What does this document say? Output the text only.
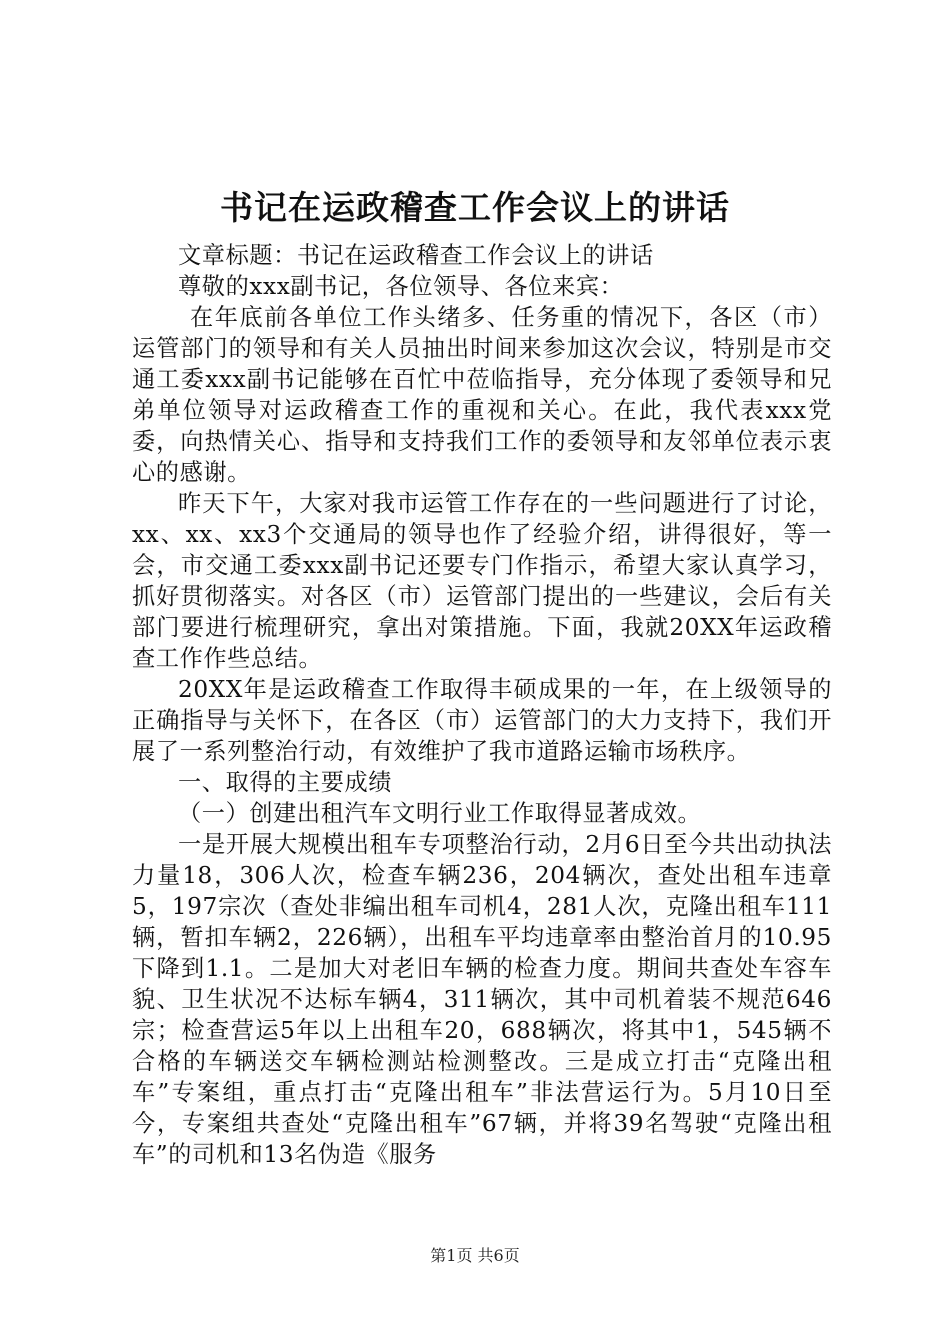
书记在运政稽查工作会议上的讲话

文章标题：书记在运政稽查工作会议上的讲话

尊敬的xxx副书记，各位领导、各位来宾：

在年底前各单位工作头绪多、任务重的情况下，各区（市）运管部门的领导和有关人员抽出时间来参加这次会议，特别是市交通工委xxx副书记能够在百忙中莅临指导，充分体现了委领导和兄弟单位领导对运政稽查工作的重视和关心。在此，我代表xxx党委，向热情关心、指导和支持我们工作的委领导和友邻单位表示衷心的感谢。

昨天下午，大家对我市运管工作存在的一些问题进行了讨论，xx、xx、xx3个交通局的领导也作了经验介绍，讲得很好，等一会，市交通工委xxx副书记还要专门作指示，希望大家认真学习，抓好贯彻落实。对各区（市）运管部门提出的一些建议，会后有关部门要进行梳理研究，拿出对策措施。下面，我就20XX年运政稽查工作作些总结。

20XX年是运政稽查工作取得丰硕成果的一年，在上级领导的正确指导与关怀下，在各区（市）运管部门的大力支持下，我们开展了一系列整治行动，有效维护了我市道路运输市场秩序。

一、取得的主要成绩

（一）创建出租汽车文明行业工作取得显著成效。

一是开展大规模出租车专项整治行动，2月6日至今共出动执法力量18，306人次，检查车辆236，204辆次，查处出租车违章5，197宗次（查处非编出租车司机4，281人次，克隆出租车111辆，暂扣车辆2，226辆），出租车平均违章率由整治首月的10.95下降到1.1。二是加大对老旧车辆的检查力度。期间共查处车容车貌、卫生状况不达标车辆4，311辆次，其中司机着装不规范646宗；检查营运5年以上出租车20，688辆次，将其中1，545辆不合格的车辆送交车辆检测站检测整改。三是成立打击“克隆出租车”专案组，重点打击“克隆出租车”非法营运行为。5月10日至今，专案组共查处“克隆出租车”67辆，并将39名驾驶“克隆出租车”的司机和13名伪造《服务

第1页 共6页
